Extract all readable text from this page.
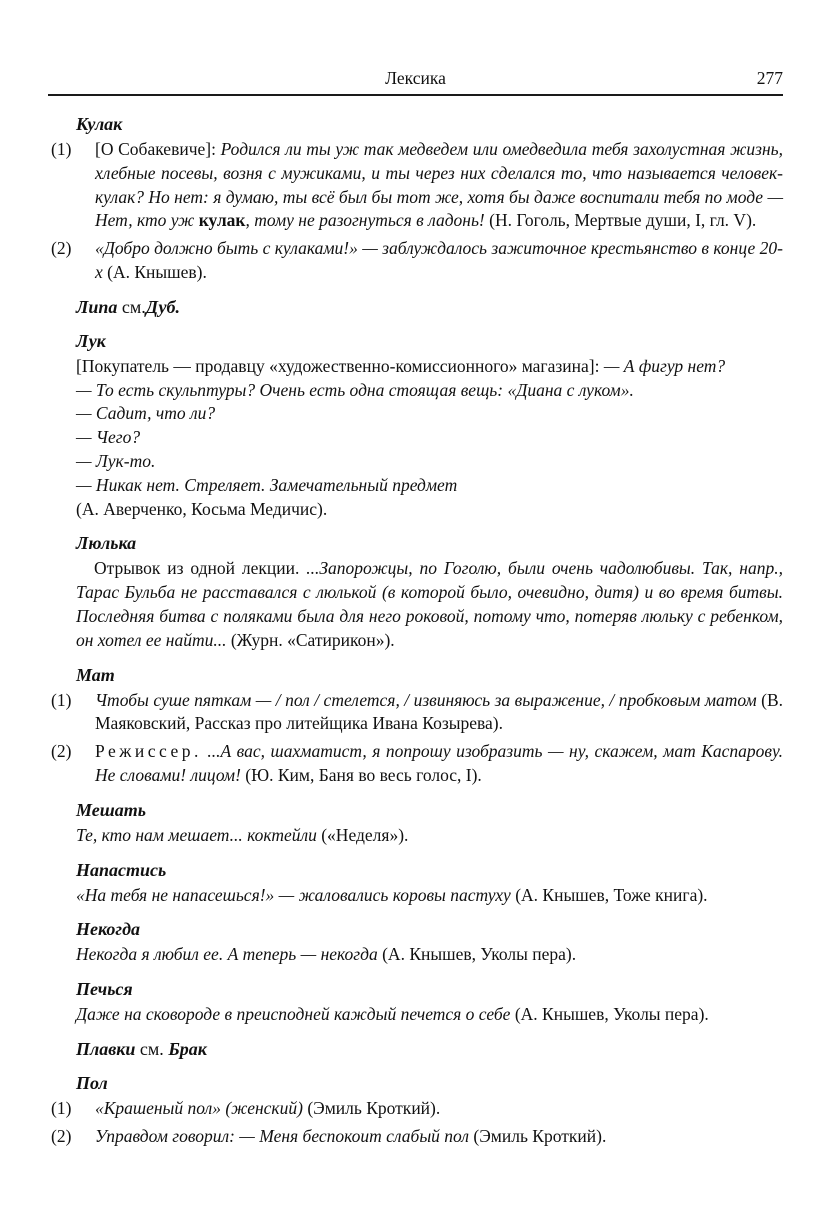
Лексика	277
Кулак
(1) [О Собакевиче]: Родился ли ты уж так медведем или омедведила тебя захолустная жизнь, хлебные посевы, возня с мужиками, и ты через них сделался то, что называется человек-кулак? Но нет: я думаю, ты всё был бы тот же, хотя бы даже воспитали тебя по моде — Нет, кто уж кулак, тому не разогнуться в ладонь! (Н. Гоголь, Мертвые души, I, гл. V).
(2) «Добро должно быть с кулаками!» — заблуждалось зажиточное крестьянство в конце 20-х (А. Кнышев).
Липа см.Дуб.
Лук
[Покупатель — продавцу «художественно-комиссионного» магазина]: — А фигур нет?
— То есть скульптуры? Очень есть одна стоящая вещь: «Диана с луком».
— Садит, что ли?
— Чего?
— Лук-то.
— Никак нет. Стреляет. Замечательный предмет
(А. Аверченко, Косьма Медичис).
Люлька
Отрывок из одной лекции. ...Запорожцы, по Гоголю, были очень чадолюбивы. Так, напр., Тарас Бульба не расставался с люлькой (в которой было, очевидно, дитя) и во время битвы. Последняя битва с поляками была для него роковой, потому что, потеряв люльку с ребенком, он хотел ее найти... (Журн. «Сатирикон»).
Мат
(1) Чтобы суше пяткам — / пол / стелется, / извиняюсь за выражение, / пробковым матом (В. Маяковский, Рассказ про литейщика Ивана Козырева).
(2) Режиссер. ...А вас, шахматист, я попрошу изобразить — ну, скажем, мат Каспарову. Не словами! лицом! (Ю. Ким, Баня во весь голос, I).
Мешать
Те, кто нам мешает... коктейли («Неделя»).
Напастись
«На тебя не напасешься!» — жаловались коровы пастуху (А. Кнышев, Тоже книга).
Некогда
Некогда я любил ее. А теперь — некогда (А. Кнышев, Уколы пера).
Печься
Даже на сковороде в преисподней каждый печется о себе (А. Кнышев, Уколы пера).
Плавки см. Брак
Пол
(1) «Крашеный пол» (женский) (Эмиль Кроткий).
(2) Управдом говорил: — Меня беспокоит слабый пол (Эмиль Кроткий).
